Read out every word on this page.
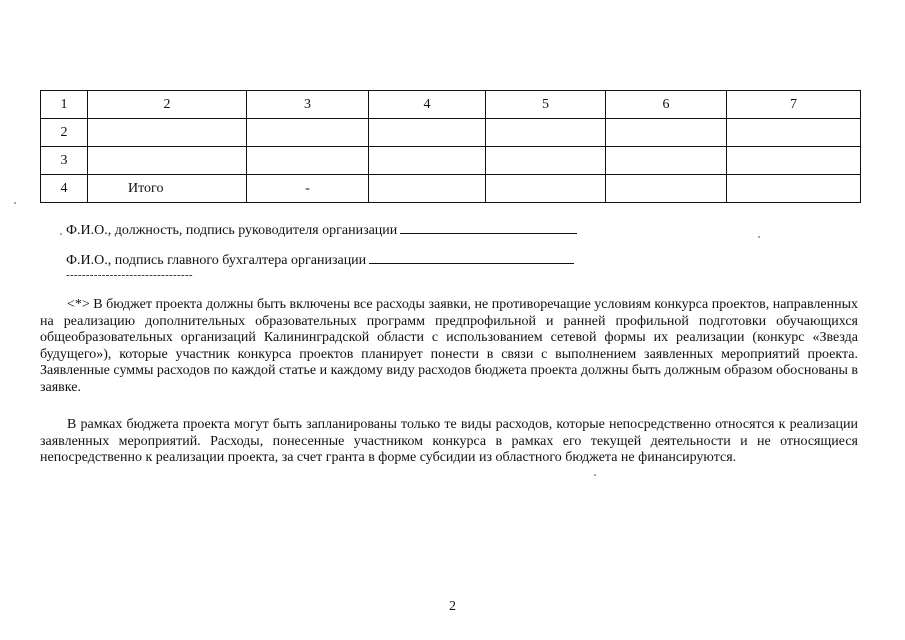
1	2	3	4	5	6	7
2						
3						
4	Итого	-				
Ф.И.О., должность, подпись руководителя организации
Ф.И.О., подпись главного бухгалтера организации
--------------------------------

<*> В бюджет проекта должны быть включены все расходы заявки, не противоречащие условиям конкурса проектов, направленных на реализацию дополнительных образовательных программ предпрофильной и ранней профильной подготовки обучающихся общеобразовательных организаций Калининградской области с использованием сетевой формы их реализации (конкурс «Звезда будущего»), которые участник конкурса проектов планирует понести в связи с выполнением заявленных мероприятий проекта. Заявленные суммы расходов по каждой статье и каждому виду расходов бюджета проекта должны быть должным образом обоснованы в заявке.

В рамках бюджета проекта могут быть запланированы только те виды расходов, которые непосредственно относятся к реализации заявленных мероприятий. Расходы, понесенные участником конкурса в рамках его текущей деятельности и не относящиеся непосредственно к реализации проекта, за счет гранта в форме субсидии из областного бюджета не финансируются.

2
